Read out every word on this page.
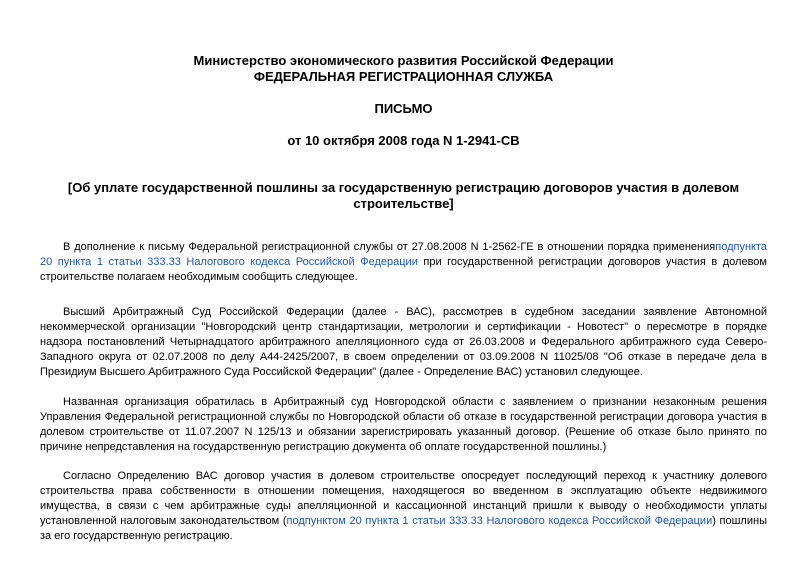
Министерство экономического развития Российской Федерации
ФЕДЕРАЛЬНАЯ РЕГИСТРАЦИОННАЯ СЛУЖБА
ПИСЬМО
от 10 октября 2008 года N 1-2941-СВ
[Об уплате государственной пошлины за государственную регистрацию договоров участия в долевом строительстве]

В дополнение к письму Федеральной регистрационной службы от 27.08.2008 N 1-2562-ГЕ в отношении порядка примененияподпункта 20 пункта 1 статьи 333.33 Налогового кодекса Российской Федерации при государственной регистрации договоров участия в долевом строительстве полагаем необходимым сообщить следующее.

Высший Арбитражный Суд Российской Федерации (далее - ВАС), рассмотрев в судебном заседании заявление Автономной некоммерческой организации "Новгородский центр стандартизации, метрологии и сертификации - Новотест" о пересмотре в порядке надзора постановлений Четырнадцатого арбитражного апелляционного суда от 26.03.2008 и Федерального арбитражного суда Северо-Западного округа от 02.07.2008 по делу А44-2425/2007, в своем определении от 03.09.2008 N 11025/08 "Об отказе в передаче дела в Президиум Высшего Арбитражного Суда Российской Федерации" (далее - Определение ВАС) установил следующее.

Названная организация обратилась в Арбитражный суд Новгородской области с заявлением о признании незаконным решения Управления Федеральной регистрационной службы по Новгородской области об отказе в государственной регистрации договора участия в долевом строительстве от 11.07.2007 N 125/13 и обязании зарегистрировать указанный договор. (Решение об отказе было принято по причине непредставления на государственную регистрацию документа об оплате государственной пошлины.)

Согласно Определению ВАС договор участия в долевом строительстве опосредует последующий переход к участнику долевого строительства права собственности в отношении помещения, находящегося во введенном в эксплуатацию объекте недвижимого имущества, в связи с чем арбитражные суды апелляционной и кассационной инстанций пришли к выводу о необходимости уплаты установленной налоговым законодательством (подпунктом 20 пункта 1 статьи 333.33 Налогового кодекса Российской Федерации) пошлины за его государственную регистрацию.
